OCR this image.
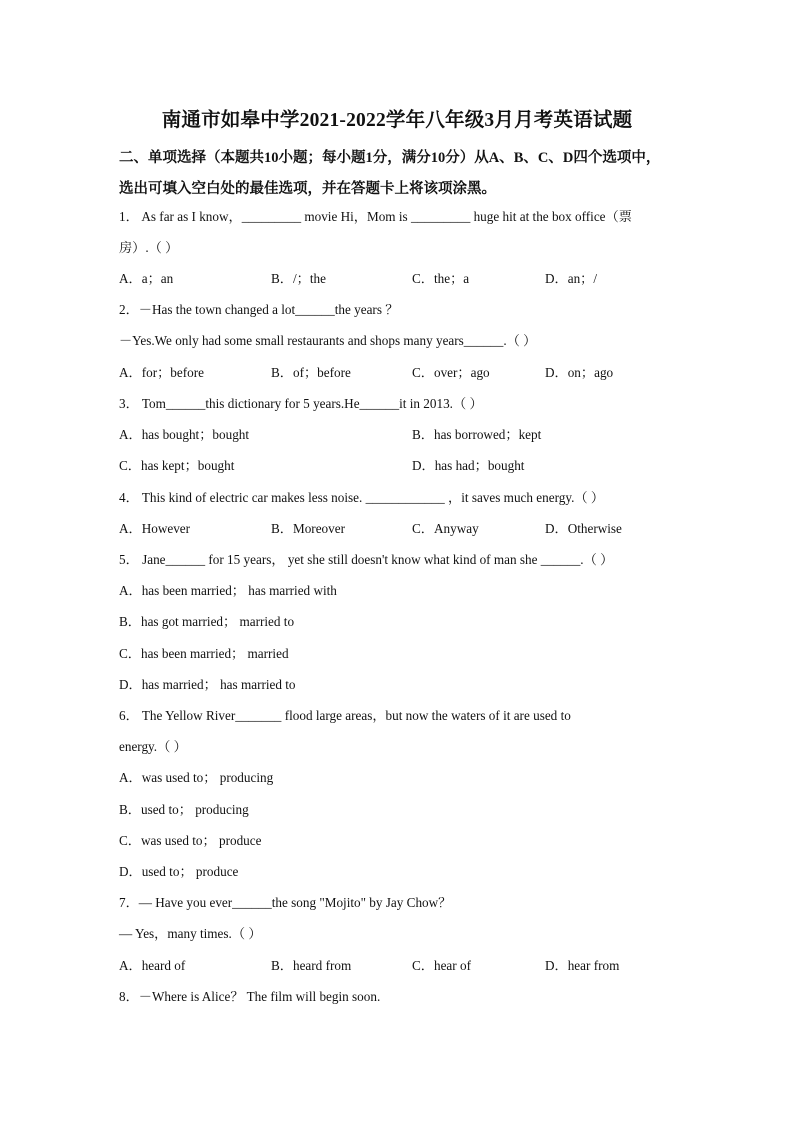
南通市如皋中学2021-2022学年八年级3月月考英语试题
二、单项选择（本题共10小题；每小题1分，满分10分）从A、B、C、D四个选项中，
选出可填入空白处的最佳选项，并在答题卡上将该项涂黑。
1． As far as I know，_________ movie Hi，Mom is _________ huge hit at the box office（票
房）.（ ）
A．a；an	B．/；the	C．the；a	D．an；/
2．－Has the town changed a lot______the years ？
－Yes.We only had some small restaurants and shops many years______.（ ）
A．for；before	B．of；before	C．over；ago	D．on；ago
3． Tom______this dictionary for 5 years.He______it in 2013.（ ）
A．has bought；bought	B．has borrowed；kept
C．has kept；bought	D．has had；bought
4． This kind of electric car makes less noise. ____________ ，it saves much energy.（ ）
A．However	B．Moreover	C．Anyway	D．Otherwise
5． Jane______ for 15 years， yet she still doesn't know what kind of man she ______.（ ）
A．has been married； has married with
B．has got married； married to
C．has been married； married
D．has married； has married to
6． The Yellow River_______ flood large areas，but now the waters of it are used to
energy.（ ）
A．was used to； producing
B．used to； producing
C．was used to； produce
D．used to； produce
7．— Have you ever______the song "Mojito" by Jay Chow？
— Yes，many times.（ ）
A．heard of	B．heard from	C．hear of	D．hear from
8．－Where is Alice？ The film will begin soon.
